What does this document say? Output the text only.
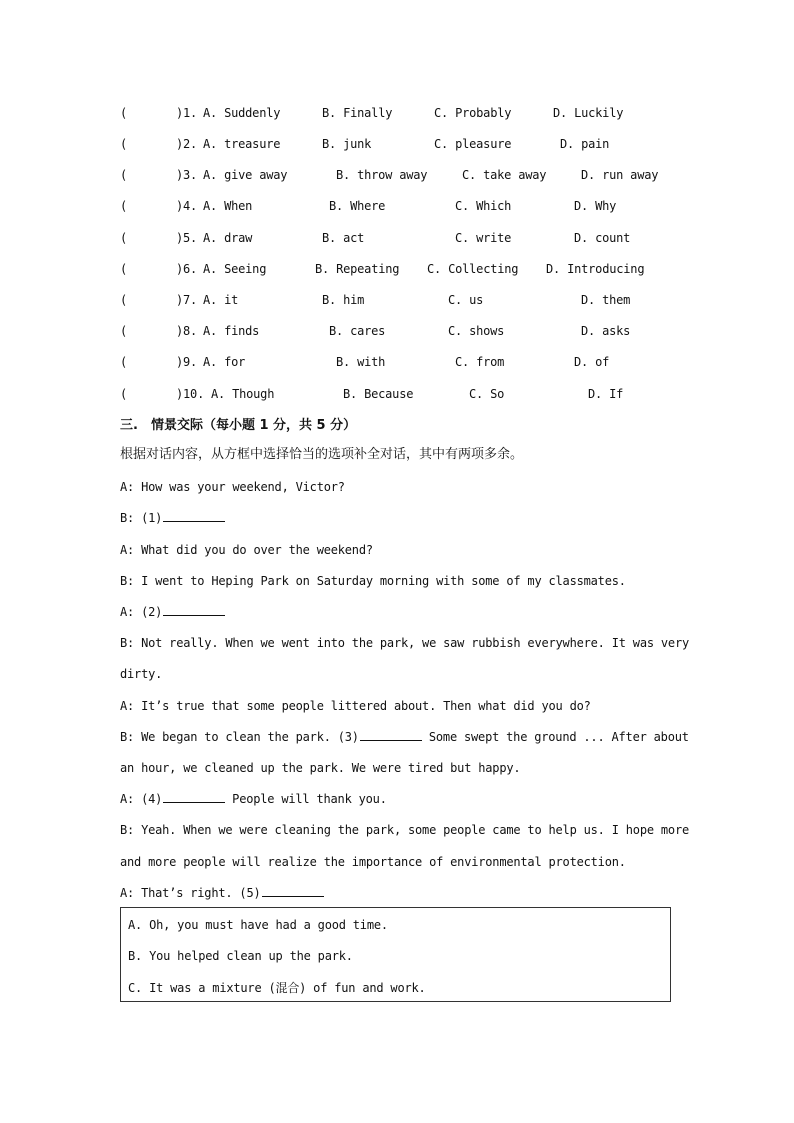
(	)1. A. Suddenly	B. Finally	C. Probably	D. Luckily
(	)2. A. treasure	B. junk	C. pleasure	D. pain
(	)3. A. give away	B. throw away	C. take away	D. run away
(	)4. A. When	B. Where	C. Which	D. Why
(	)5. A. draw	B. act	C. write	D. count
(	)6. A. Seeing	B. Repeating C. Collecting D. Introducing
(	)7. A. it	B. him	C. us	D. them
(	)8. A. finds	B. cares	C. shows	D. asks
(	)9. A. for	B. with	C. from	D. of
(	)10. A. Though	B. Because	C. So	D. If
三.　情景交际（每小题 1 分，共 5 分）
根据对话内容，从方框中选择恰当的选项补全对话，其中有两项多余。
A: How was your weekend, Victor?
B: (1)
A: What did you do over the weekend?
B: I went to Heping Park on Saturday morning with some of my classmates.
A: (2)
B: Not really. When we went into the park, we saw rubbish everywhere. It was very
dirty.
A: It’s true that some people littered about. Then what did you do?
B: We began to clean the park. (3)	Some swept the ground ... After about
an hour, we cleaned up the park. We were tired but happy.
A: (4)	People will thank you.
B: Yeah. When we were cleaning the park, some people came to help us. I hope more
and more people will realize the importance of environmental protection.
A: That’s right. (5)
A. Oh, you must have had a good time.
B. You helped clean up the park.
C. It was a mixture (混合) of fun and work.
